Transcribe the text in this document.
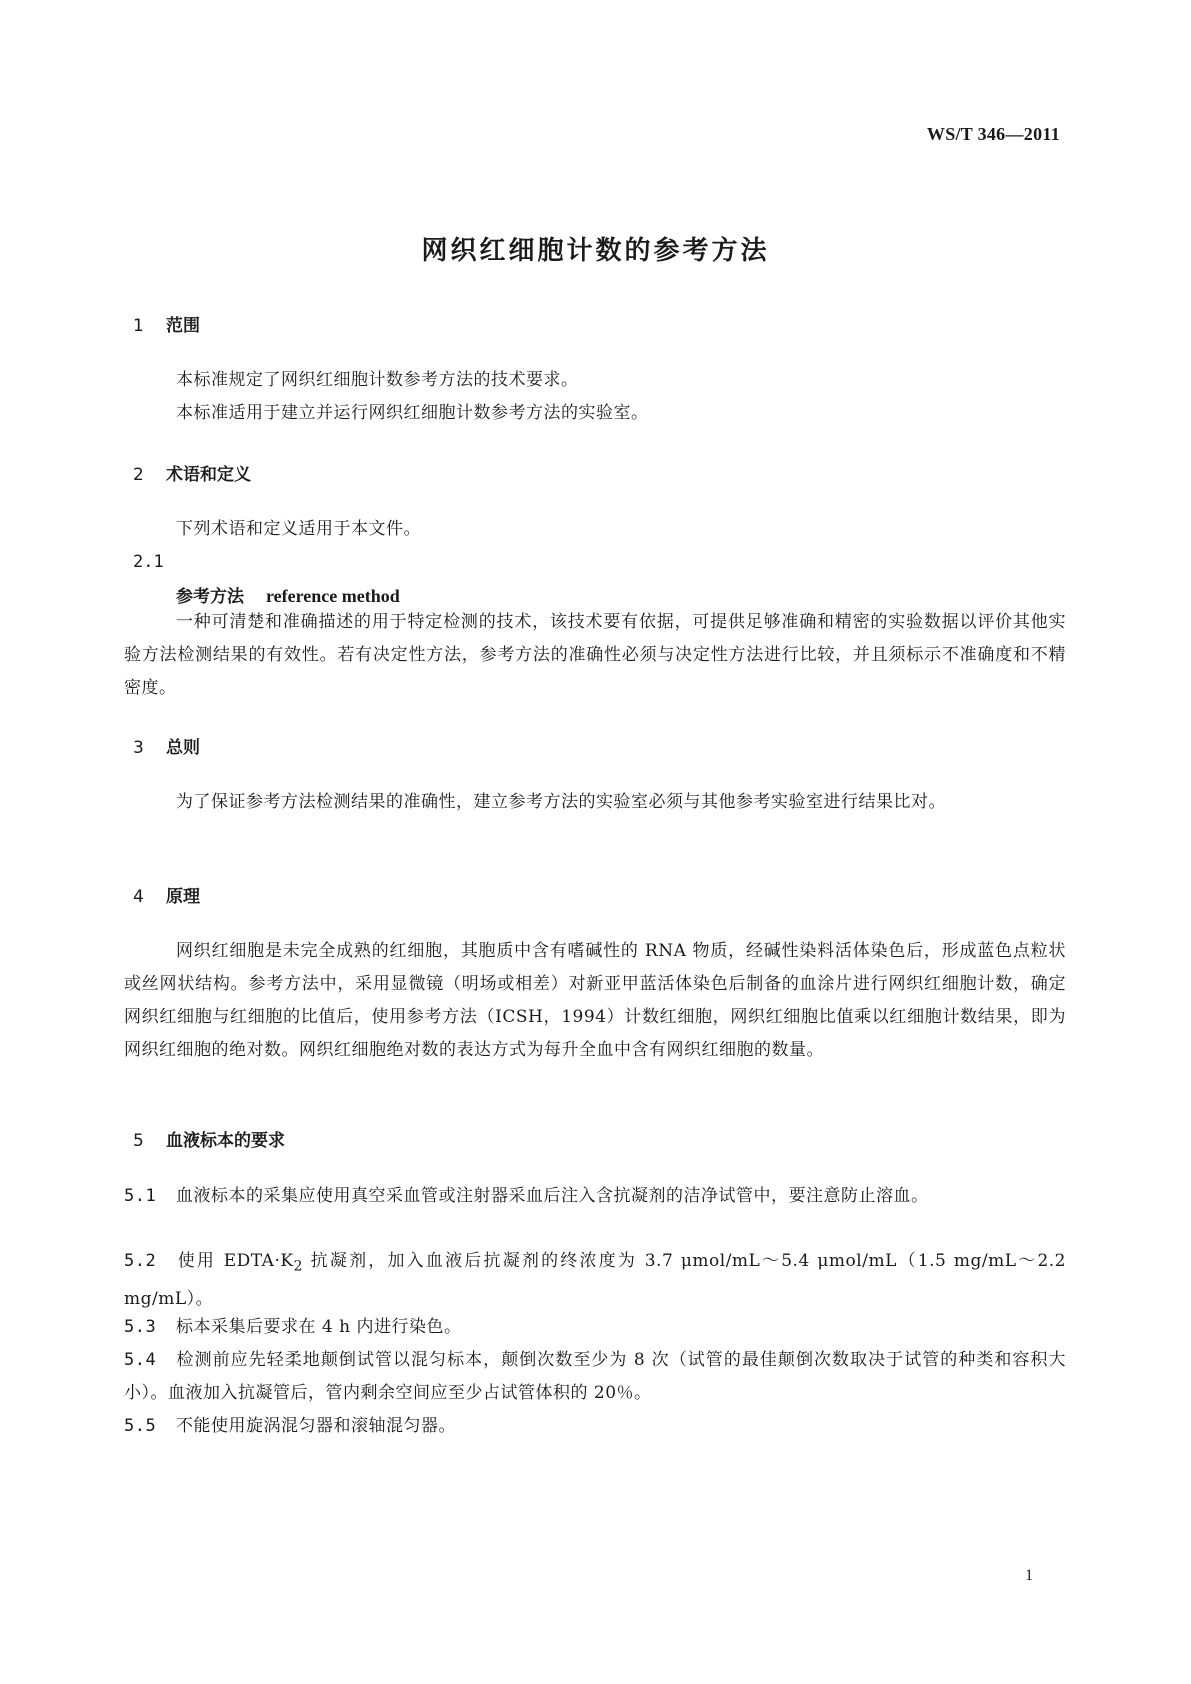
WS/T 346—2011
网织红细胞计数的参考方法
1 范围
本标准规定了网织红细胞计数参考方法的技术要求。
本标准适用于建立并运行网织红细胞计数参考方法的实验室。
2 术语和定义
下列术语和定义适用于本文件。
2.1
参考方法 reference method

一种可清楚和准确描述的用于特定检测的技术，该技术要有依据，可提供足够准确和精密的实验数据以评价其他实验方法检测结果的有效性。若有决定性方法，参考方法的准确性必须与决定性方法进行比较，并且须标示不准确度和不精密度。

3 总则

为了保证参考方法检测结果的准确性，建立参考方法的实验室必须与其他参考实验室进行结果比对。

4 原理

网织红细胞是未完全成熟的红细胞，其胞质中含有嗜碱性的 RNA 物质，经碱性染料活体染色后，形成蓝色点粒状或丝网状结构。参考方法中，采用显微镜（明场或相差）对新亚甲蓝活体染色后制备的血涂片进行网织红细胞计数，确定网织红细胞与红细胞的比值后，使用参考方法（ICSH，1994）计数红细胞，网织红细胞比值乘以红细胞计数结果，即为网织红细胞的绝对数。网织红细胞绝对数的表达方式为每升全血中含有网织红细胞的数量。

5 血液标本的要求

5.1 血液标本的采集应使用真空采血管或注射器采血后注入含抗凝剂的洁净试管中，要注意防止溶血。

5.2 使用 $EDTA\cdot K_2$ 抗凝剂，加入血液后抗凝剂的终浓度为 3.7 μmol/mL～5.4 μmol/mL（1.5 mg/mL～2.2 mg/mL）。

5.3 标本采集后要求在 4 h 内进行染色。

5.4 检测前应先轻柔地颠倒试管以混匀标本，颠倒次数至少为 8 次（试管的最佳颠倒次数取决于试管的种类和容积大小）。血液加入抗凝管后，管内剩余空间应至少占试管体积的 20％。

5.5 不能使用旋涡混匀器和滚轴混匀器。

1
